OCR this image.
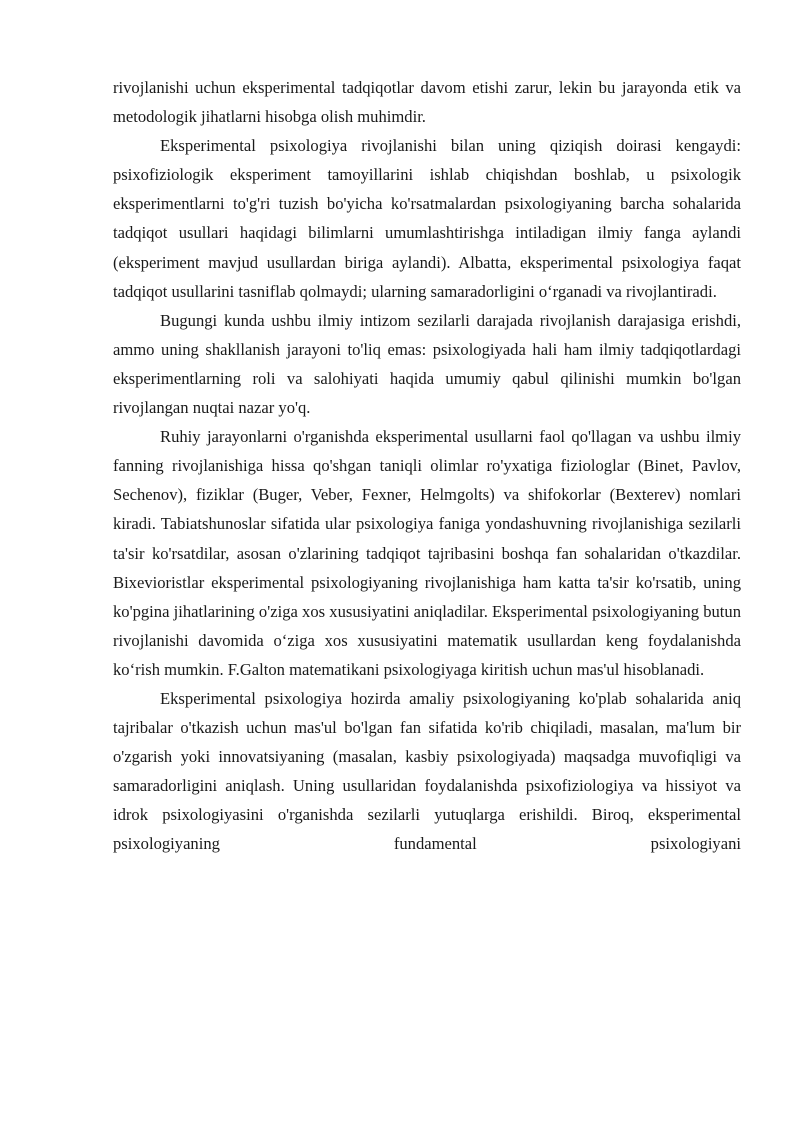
rivojlanishi uchun eksperimental tadqiqotlar davom etishi zarur, lekin bu jarayonda etik va metodologik jihatlarni hisobga olish muhimdir.

Eksperimental psixologiya rivojlanishi bilan uning qiziqish doirasi kengaydi: psixofiziologik eksperiment tamoyillarini ishlab chiqishdan boshlab, u psixologik eksperimentlarni to'g'ri tuzish bo'yicha ko'rsatmalardan psixologiyaning barcha sohalarida tadqiqot usullari haqidagi bilimlarni umumlashtirishga intiladigan ilmiy fanga aylandi (eksperiment mavjud usullardan biriga aylandi). Albatta, eksperimental psixologiya faqat tadqiqot usullarini tasniflab qolmaydi; ularning samaradorligini o‘rganadi va rivojlantiradi.

Bugungi kunda ushbu ilmiy intizom sezilarli darajada rivojlanish darajasiga erishdi, ammo uning shakllanish jarayoni to'liq emas: psixologiyada hali ham ilmiy tadqiqotlardagi eksperimentlarning roli va salohiyati haqida umumiy qabul qilinishi mumkin bo'lgan rivojlangan nuqtai nazar yo'q.

Ruhiy jarayonlarni o'rganishda eksperimental usullarni faol qo'llagan va ushbu ilmiy fanning rivojlanishiga hissa qo'shgan taniqli olimlar ro'yxatiga fiziologlar (Binet, Pavlov, Sechenov), fiziklar (Buger, Veber, Fexner, Helmgolts) va shifokorlar (Bexterev) nomlari kiradi. Tabiatshunoslar sifatida ular psixologiya faniga yondashuvning rivojlanishiga sezilarli ta'sir ko'rsatdilar, asosan o'zlarining tadqiqot tajribasini boshqa fan sohalaridan o'tkazdilar. Bixevioristlar eksperimental psixologiyaning rivojlanishiga ham katta ta'sir ko'rsatib, uning ko'pgina jihatlarining o'ziga xos xususiyatini aniqladilar. Eksperimental psixologiyaning butun rivojlanishi davomida o‘ziga xos xususiyatini matematik usullardan keng foydalanishda ko‘rish mumkin. F.Galton matematikani psixologiyaga kiritish uchun mas'ul hisoblanadi.

Eksperimental psixologiya hozirda amaliy psixologiyaning ko'plab sohalarida aniq tajribalar o'tkazish uchun mas'ul bo'lgan fan sifatida ko'rib chiqiladi, masalan, ma'lum bir o'zgarish yoki innovatsiyaning (masalan, kasbiy psixologiyada) maqsadga muvofiqligi va samaradorligini aniqlash. Uning usullaridan foydalanishda psixofiziologiya va hissiyot va idrok psixologiyasini o'rganishda sezilarli yutuqlarga erishildi. Biroq, eksperimental psixologiyaning fundamental psixologiyani
